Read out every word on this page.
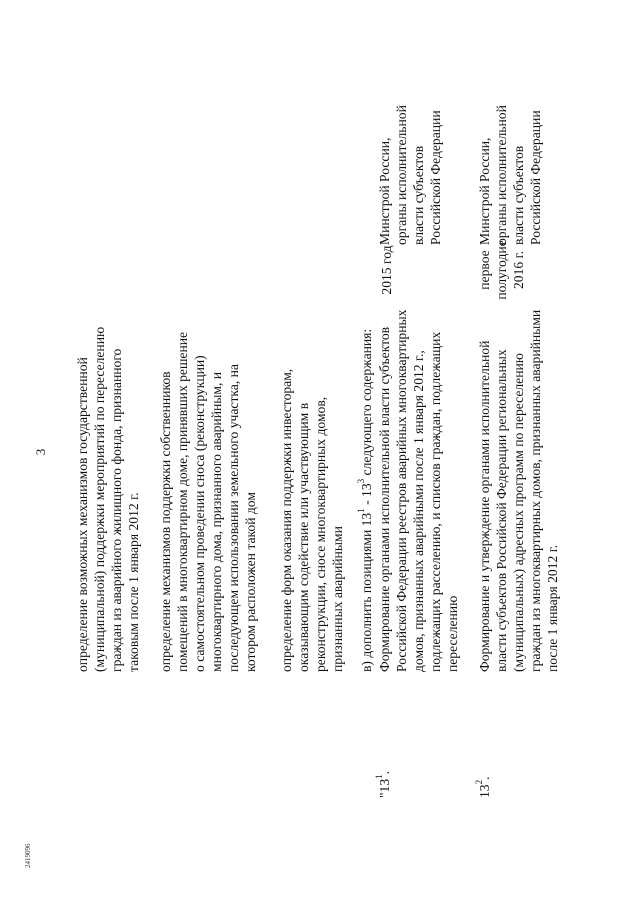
3 определение возможных механизмов государственной (муниципальной) поддержки мероприятий по переселению граждан из аварийного жилищного фонда, признанного таковым после 1 января 2012 г. определение механизмов поддержки собственников помещений в многоквартирном доме, принявших решение о самостоятельном проведении сноса (реконструкции) многоквартирного дома, признанного аварийным, и последующем использовании земельного участка, на котором расположен такой дом определение форм оказания поддержки инвесторам, оказывающим содействие или участвующим в реконструкции, сносе многоквартирных домов, признанных аварийными в) дополнить позициями $13^1 - 13^3$ следующего содержания:
"$13^1$.
Формирование органами исполнительной власти субъектов Российской Федерации реестров аварийных многоквартирных домов, признанных аварийными после 1 января 2012 г., подлежащих расселению, и списков граждан, подлежащих переселению
2015 год
Минстрой России, органы исполнительной власти субъектов Российской Федерации
$13^2$.
Формирование и утверждение органами исполнительной власти субъектов Российской Федерации региональных (муниципальных) адресных программ по переселению граждан из многоквартирных домов, признанных аварийными после 1 января 2012 г.
первое полугодие 2016 г.
Минстрой России, органы исполнительной власти субъектов Российской Федерации
2419096
